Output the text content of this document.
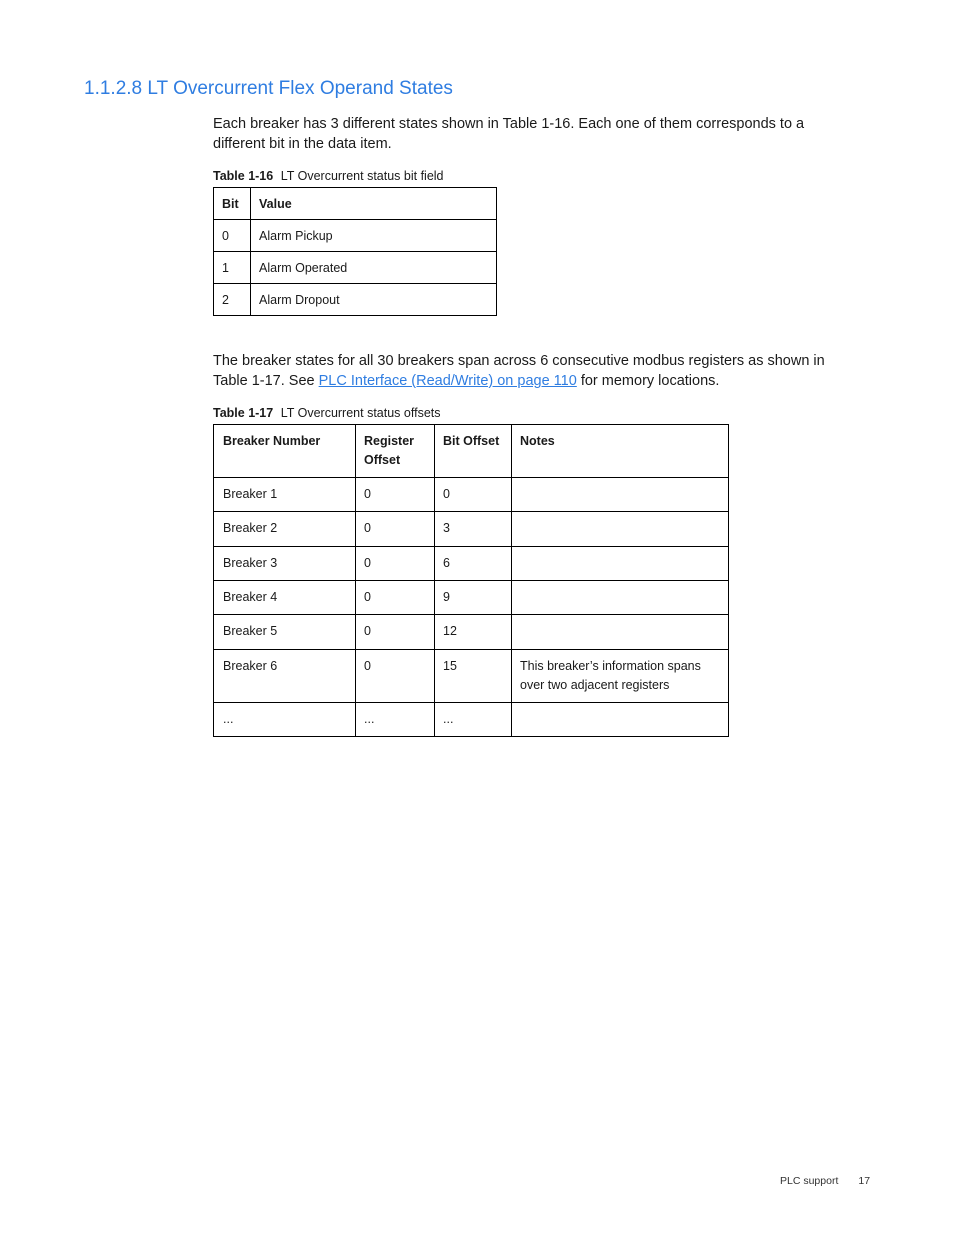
1.1.2.8 LT Overcurrent Flex Operand States

Each breaker has 3 different states shown in Table 1-16. Each one of them corresponds to a different bit in the data item.

Table 1-16 LT Overcurrent status bit field

Bit	Value
0	Alarm Pickup
1	Alarm Operated
2	Alarm Dropout

The breaker states for all 30 breakers span across 6 consecutive modbus registers as shown in Table 1-17. See PLC Interface (Read/Write) on page 110 for memory locations.

Table 1-17 LT Overcurrent status offsets

Breaker Number	Register Offset	Bit Offset	Notes
Breaker 1	0	0	
Breaker 2	0	3	
Breaker 3	0	6	
Breaker 4	0	9	
Breaker 5	0	12	
Breaker 6	0	15	This breaker’s information spans over two adjacent registers
...	...	...	
PLC support 17
